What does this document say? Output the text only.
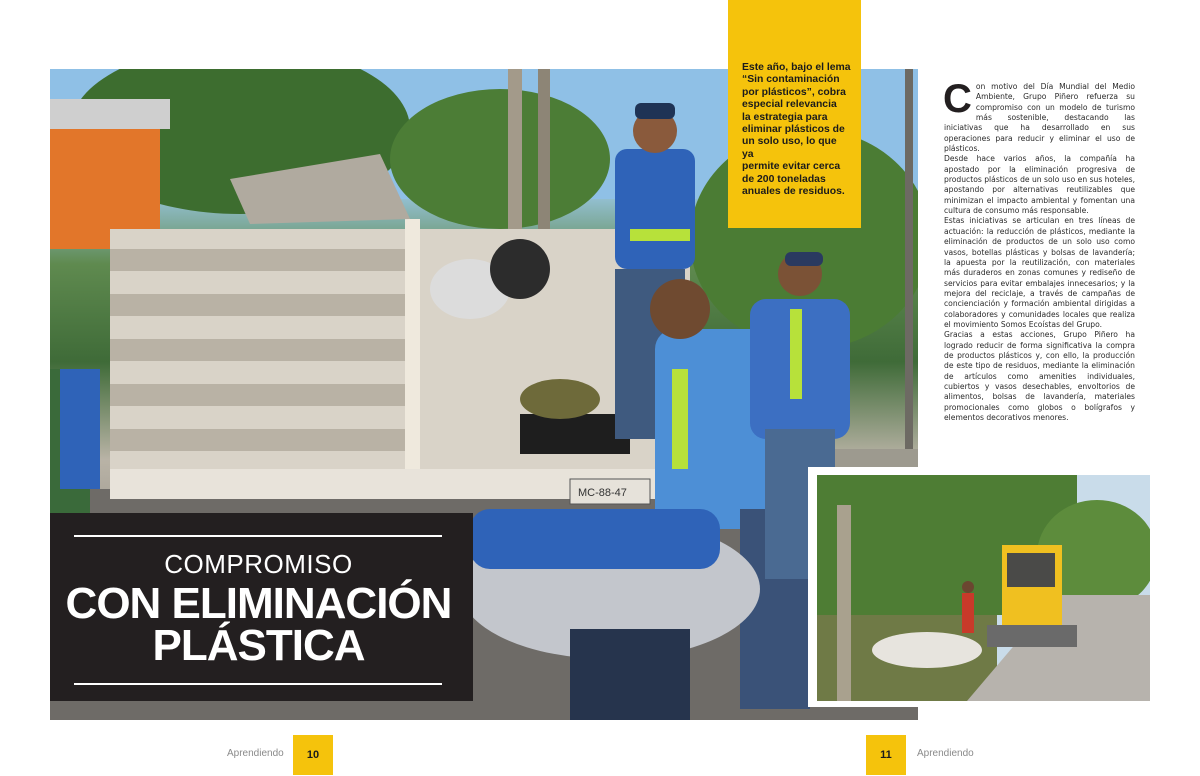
MC-88-47

Este año, bajo el lema
“Sin contaminación
por plásticos”, cobra
especial relevancia
la estrategia para
eliminar plásticos de
un solo uso, lo que ya
permite evitar cerca
de 200 toneladas
anuales de residuos.

COMPROMISO
CON ELIMINACIÓN
PLÁSTICA

Con motivo del Día Mundial del Medio Ambiente, Grupo Piñero refuerza su compromiso con un modelo de turismo más sostenible, destacando las iniciativas que ha desarrollado en sus operaciones para reducir y eliminar el uso de plásticos.

Desde hace varios años, la compañía ha apostado por la eliminación progresiva de productos plásticos de un solo uso en sus hoteles, apostando por alternativas reutilizables que minimizan el impacto ambiental y fomentan una cultura de consumo más responsable.

Estas iniciativas se articulan en tres líneas de actuación: la reducción de plásticos, mediante la eliminación de productos de un solo uso como vasos, botellas plásticas y bolsas de lavandería; la apuesta por la reutilización, con materiales más duraderos en zonas comunes y rediseño de servicios para evitar embalajes innecesarios; y la mejora del reciclaje, a través de campañas de concienciación y formación ambiental dirigidas a colaboradores y comunidades locales que realiza el movimiento Somos Ecoístas del Grupo.

Gracias a estas acciones, Grupo Piñero ha logrado reducir de forma significativa la compra de productos plásticos y, con ello, la producción de este tipo de residuos, mediante la eliminación de artículos como amenities individuales, cubiertos y vasos desechables, envoltorios de alimentos, bolsas de lavandería, materiales promocionales como globos o bolígrafos y elementos decorativos menores.

Aprendiendo	10	11	Aprendiendo
